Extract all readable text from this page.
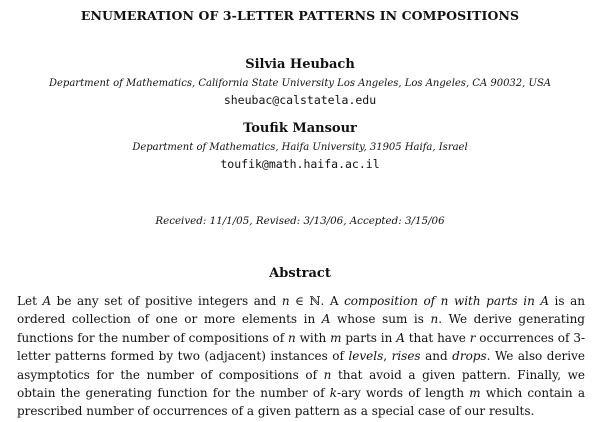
ENUMERATION OF 3-LETTER PATTERNS IN COMPOSITIONS
Silvia Heubach
Department of Mathematics, California State University Los Angeles, Los Angeles, CA 90032, USA
sheubac@calstatela.edu
Toufik Mansour
Department of Mathematics, Haifa University, 31905 Haifa, Israel
toufik@math.haifa.ac.il
Received: 11/1/05, Revised: 3/13/06, Accepted: 3/15/06
Abstract
Let A be any set of positive integers and n ∈ ℕ. A composition of n with parts in A is an ordered collection of one or more elements in A whose sum is n. We derive generating functions for the number of compositions of n with m parts in A that have r occurrences of 3-letter patterns formed by two (adjacent) instances of levels, rises and drops. We also derive asymptotics for the number of compositions of n that avoid a given pattern. Finally, we obtain the generating function for the number of k-ary words of length m which contain a prescribed number of occurrences of a given pattern as a special case of our results.
